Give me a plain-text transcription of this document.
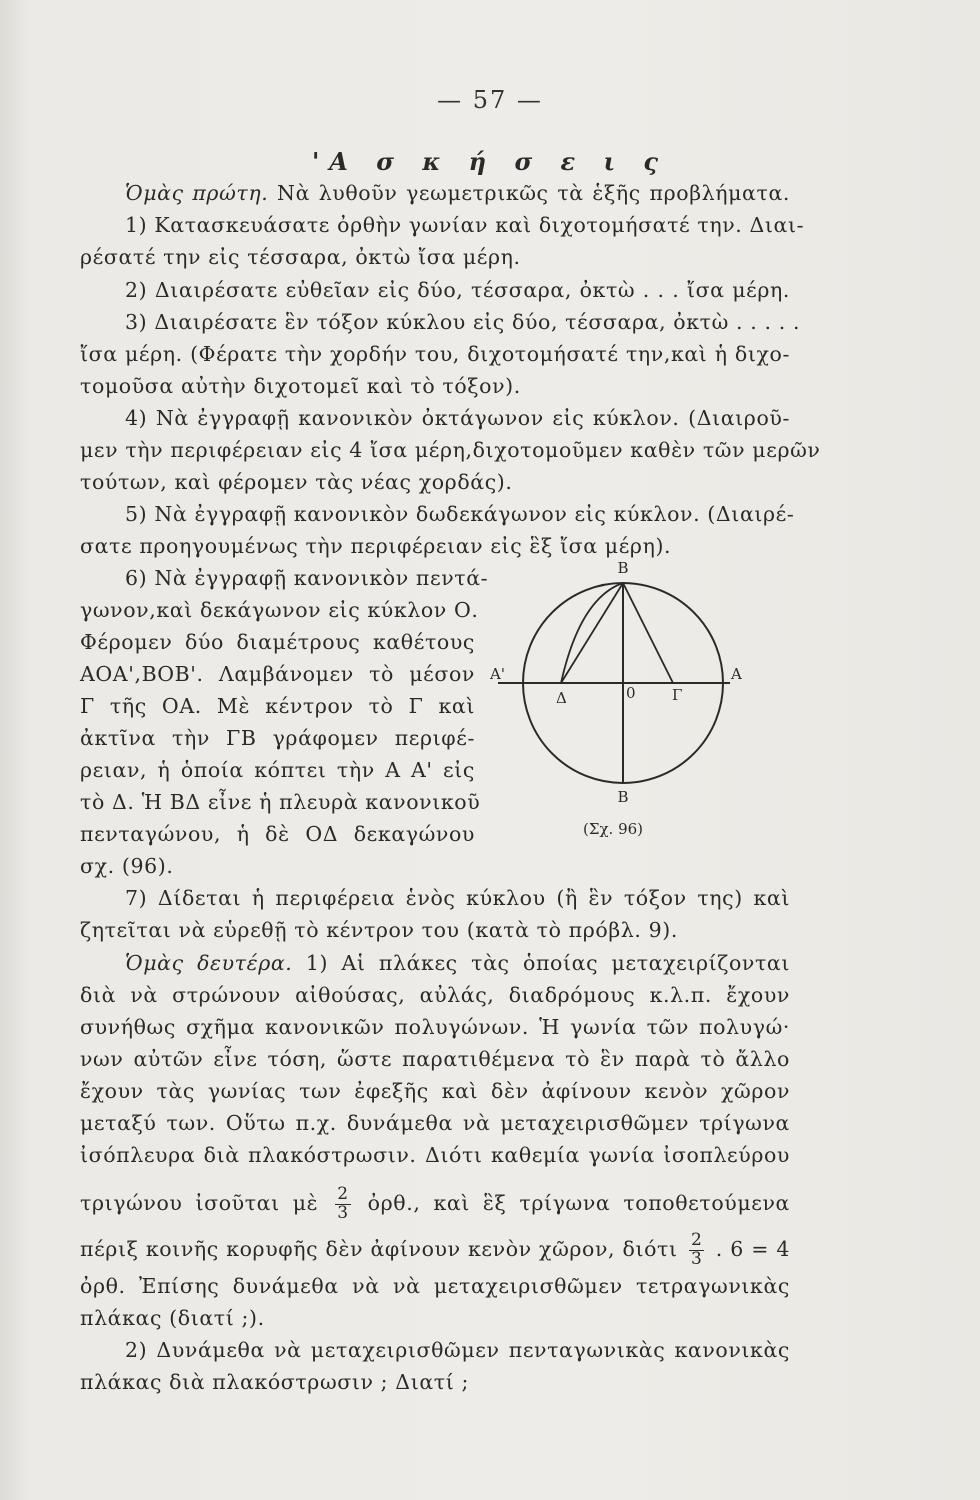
— 57 —
'Α σ κ ή σ ε ι ς
Ὁμὰς πρώτη. Νὰ λυθοῦν γεωμετρικῶς τὰ ἑξῆς προβλήματα.
1) Κατασκευάσατε ὀρθὴν γωνίαν καὶ διχοτομήσατέ την. Διαι-
ρέσατέ την εἰς τέσσαρα, ὀκτὼ ἴσα μέρη.
2) Διαιρέσατε εὐθεῖαν εἰς δύο, τέσσαρα, ὀκτὼ . . . ἴσα μέρη.
3) Διαιρέσατε ἓν τόξον κύκλου εἰς δύο, τέσσαρα, ὀκτὼ . . . . .
ἴσα μέρη. (Φέρατε τὴν χορδήν του, διχοτομήσατέ την,καὶ ἡ διχο-
τομοῦσα αὐτὴν διχοτομεῖ καὶ τὸ τόξον).
4) Νὰ ἐγγραφῇ κανονικὸν ὀκτάγωνον εἰς κύκλον. (Διαιροῦ-
μεν τὴν περιφέρειαν εἰς 4 ἴσα μέρη,διχοτομοῦμεν καθὲν τῶν μερῶν
τούτων, καὶ φέρομεν τὰς νέας χορδάς).
5) Νὰ ἐγγραφῇ κανονικὸν δωδεκάγωνον εἰς κύκλον. (Διαιρέ-
σατε προηγουμένως τὴν περιφέρειαν εἰς ἓξ ἴσα μέρη).
6) Νὰ ἐγγραφῇ κανονικὸν πεντά-
γωνον,καὶ δεκάγωνον εἰς κύκλον Ο.
Φέρομεν δύο διαμέτρους καθέτους
ΑΟΑ',ΒΟΒ'. Λαμβάνομεν τὸ μέσον
Γ τῆς ΟΑ. Μὲ κέντρον τὸ Γ καὶ
ἀκτῖνα τὴν ΓΒ γράφομεν περιφέ-
ρειαν, ἡ ὁποία κόπτει τὴν Α Α' εἰς
τὸ Δ. Ἡ ΒΔ εἶνε ἡ πλευρὰ κανονικοῦ
πενταγώνου, ἡ δὲ ΟΔ δεκαγώνου
σχ. (96).
Β
Α'	Α
Δ	0 Γ
Β
(Σχ. 96)
7) Δίδεται ἡ περιφέρεια ἑνὸς κύκλου (ἢ ἓν τόξον της) καὶ
ζητεῖται νὰ εὑρεθῇ τὸ κέντρον του (κατὰ τὸ πρόβλ. 9).
Ὁμὰς δευτέρα. 1) Αἱ πλάκες τὰς ὁποίας μεταχειρίζονται
διὰ νὰ στρώνουν αἰθούσας, αὐλάς, διαδρόμους κ.λ.π. ἔχουν
συνήθως σχῆμα κανονικῶν πολυγώνων. Ἡ γωνία τῶν πολυγώ·
νων αὐτῶν εἶνε τόση, ὥστε παρατιθέμενα τὸ ἓν παρὰ τὸ ἄλλο
ἔχουν τὰς γωνίας των ἐφεξῆς καὶ δὲν ἀφίνουν κενὸν χῶρον
μεταξύ των. Οὕτω π.χ. δυνάμεθα νὰ μεταχειρισθῶμεν τρίγωνα
ἰσόπλευρα διὰ πλακόστρωσιν. Διότι καθεμία γωνία ἰσοπλεύρου
τριγώνου ἰσοῦται μὲ $\frac{2}{3}$ ὀρθ., καὶ ἓξ τρίγωνα τοποθετούμενα
πέριξ κοινῆς κορυφῆς δὲν ἀφίνουν κενὸν χῶρον, διότι $\frac{2}{3}$ . 6 = 4
ὀρθ. Ἐπίσης δυνάμεθα νὰ νὰ μεταχειρισθῶμεν τετραγωνικὰς
πλάκας (διατί ;).
2) Δυνάμεθα νὰ μεταχειρισθῶμεν πενταγωνικὰς κανονικὰς
πλάκας διὰ πλακόστρωσιν ; Διατί ;
